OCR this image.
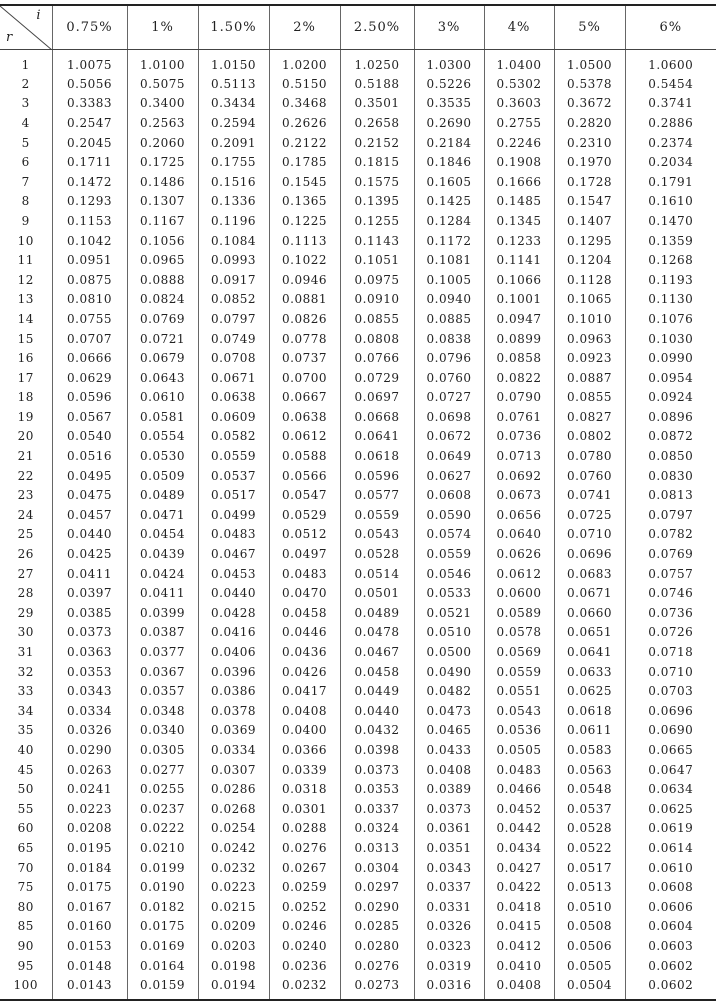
i
r	0.75%	1%	1.50%	2%	2.50%	3%	4%	5%	6%
1	1.0075	1.0100	1.0150	1.0200	1.0250	1.0300	1.0400	1.0500	1.0600
2	0.5056	0.5075	0.5113	0.5150	0.5188	0.5226	0.5302	0.5378	0.5454
3	0.3383	0.3400	0.3434	0.3468	0.3501	0.3535	0.3603	0.3672	0.3741
4	0.2547	0.2563	0.2594	0.2626	0.2658	0.2690	0.2755	0.2820	0.2886
5	0.2045	0.2060	0.2091	0.2122	0.2152	0.2184	0.2246	0.2310	0.2374
6	0.1711	0.1725	0.1755	0.1785	0.1815	0.1846	0.1908	0.1970	0.2034
7	0.1472	0.1486	0.1516	0.1545	0.1575	0.1605	0.1666	0.1728	0.1791
8	0.1293	0.1307	0.1336	0.1365	0.1395	0.1425	0.1485	0.1547	0.1610
9	0.1153	0.1167	0.1196	0.1225	0.1255	0.1284	0.1345	0.1407	0.1470
10	0.1042	0.1056	0.1084	0.1113	0.1143	0.1172	0.1233	0.1295	0.1359
11	0.0951	0.0965	0.0993	0.1022	0.1051	0.1081	0.1141	0.1204	0.1268
12	0.0875	0.0888	0.0917	0.0946	0.0975	0.1005	0.1066	0.1128	0.1193
13	0.0810	0.0824	0.0852	0.0881	0.0910	0.0940	0.1001	0.1065	0.1130
14	0.0755	0.0769	0.0797	0.0826	0.0855	0.0885	0.0947	0.1010	0.1076
15	0.0707	0.0721	0.0749	0.0778	0.0808	0.0838	0.0899	0.0963	0.1030
16	0.0666	0.0679	0.0708	0.0737	0.0766	0.0796	0.0858	0.0923	0.0990
17	0.0629	0.0643	0.0671	0.0700	0.0729	0.0760	0.0822	0.0887	0.0954
18	0.0596	0.0610	0.0638	0.0667	0.0697	0.0727	0.0790	0.0855	0.0924
19	0.0567	0.0581	0.0609	0.0638	0.0668	0.0698	0.0761	0.0827	0.0896
20	0.0540	0.0554	0.0582	0.0612	0.0641	0.0672	0.0736	0.0802	0.0872
21	0.0516	0.0530	0.0559	0.0588	0.0618	0.0649	0.0713	0.0780	0.0850
22	0.0495	0.0509	0.0537	0.0566	0.0596	0.0627	0.0692	0.0760	0.0830
23	0.0475	0.0489	0.0517	0.0547	0.0577	0.0608	0.0673	0.0741	0.0813
24	0.0457	0.0471	0.0499	0.0529	0.0559	0.0590	0.0656	0.0725	0.0797
25	0.0440	0.0454	0.0483	0.0512	0.0543	0.0574	0.0640	0.0710	0.0782
26	0.0425	0.0439	0.0467	0.0497	0.0528	0.0559	0.0626	0.0696	0.0769
27	0.0411	0.0424	0.0453	0.0483	0.0514	0.0546	0.0612	0.0683	0.0757
28	0.0397	0.0411	0.0440	0.0470	0.0501	0.0533	0.0600	0.0671	0.0746
29	0.0385	0.0399	0.0428	0.0458	0.0489	0.0521	0.0589	0.0660	0.0736
30	0.0373	0.0387	0.0416	0.0446	0.0478	0.0510	0.0578	0.0651	0.0726
31	0.0363	0.0377	0.0406	0.0436	0.0467	0.0500	0.0569	0.0641	0.0718
32	0.0353	0.0367	0.0396	0.0426	0.0458	0.0490	0.0559	0.0633	0.0710
33	0.0343	0.0357	0.0386	0.0417	0.0449	0.0482	0.0551	0.0625	0.0703
34	0.0334	0.0348	0.0378	0.0408	0.0440	0.0473	0.0543	0.0618	0.0696
35	0.0326	0.0340	0.0369	0.0400	0.0432	0.0465	0.0536	0.0611	0.0690
40	0.0290	0.0305	0.0334	0.0366	0.0398	0.0433	0.0505	0.0583	0.0665
45	0.0263	0.0277	0.0307	0.0339	0.0373	0.0408	0.0483	0.0563	0.0647
50	0.0241	0.0255	0.0286	0.0318	0.0353	0.0389	0.0466	0.0548	0.0634
55	0.0223	0.0237	0.0268	0.0301	0.0337	0.0373	0.0452	0.0537	0.0625
60	0.0208	0.0222	0.0254	0.0288	0.0324	0.0361	0.0442	0.0528	0.0619
65	0.0195	0.0210	0.0242	0.0276	0.0313	0.0351	0.0434	0.0522	0.0614
70	0.0184	0.0199	0.0232	0.0267	0.0304	0.0343	0.0427	0.0517	0.0610
75	0.0175	0.0190	0.0223	0.0259	0.0297	0.0337	0.0422	0.0513	0.0608
80	0.0167	0.0182	0.0215	0.0252	0.0290	0.0331	0.0418	0.0510	0.0606
85	0.0160	0.0175	0.0209	0.0246	0.0285	0.0326	0.0415	0.0508	0.0604
90	0.0153	0.0169	0.0203	0.0240	0.0280	0.0323	0.0412	0.0506	0.0603
95	0.0148	0.0164	0.0198	0.0236	0.0276	0.0319	0.0410	0.0505	0.0602
100	0.0143	0.0159	0.0194	0.0232	0.0273	0.0316	0.0408	0.0504	0.0602
